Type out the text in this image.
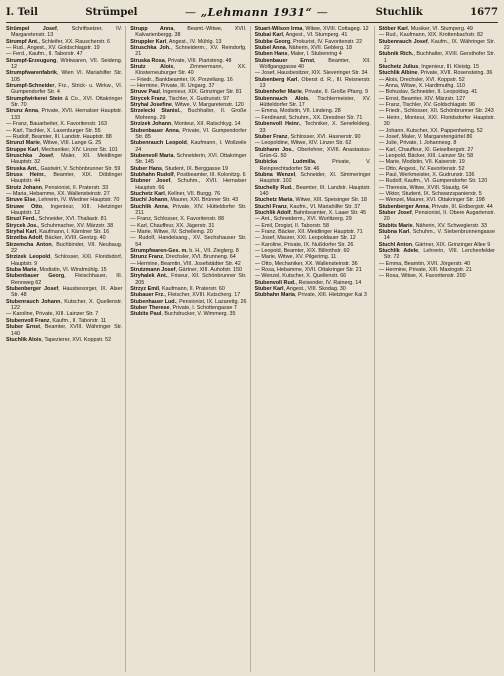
I. Teil	Strümpel	— „Lehmann 1931“ —	Stuchlik	1677

Strümpel Josef, Schriftsetzer, IV. Margaretenstr. 13

Strumpf Ant., Schleifer, XX. Rauscherstr. 6

— Rud., Angest., XV. Goldschlagstr. 19

— Ferd., Kaufm., II. Taborstr. 47

Strumpf-Erzeugung, Wirkwaren, VII. Seideng. 12

Strumpfwarenfabrik, Wien VI. Mariahilfer Str. 105

Strumpf-Schneider, Frz., Strick- u. Wirkw., VI. Gumpendorfer Str. 4

Strumpfwirkerei Stein & Co., XVI. Ottakringer Str. 70

Strunz Anna, Private, XVII. Hernalser Hauptstr. 133

— Franz, Bauarbeiter, X. Favoritenstr. 163

— Karl, Tischler, X. Laxenburger Str. 55

— Rudolf, Beamter, III. Landstr. Hauptstr. 88

Strunzl Marie, Witwe, VIII. Lange G. 25

Struppe Karl, Mechaniker, XIV. Linzer Str. 101

Struschka Josef, Maler, XII. Meidlinger Hauptstr. 32

Struska Ant., Gastwirt, V. Schönbrunner Str. 59

Struss Heinr., Beamter, XIX. Döblinger Hauptstr. 44

Strutz Johann, Pensionist, II. Praterstr. 33

— Maria, Hebamme, XX. Wallensteinstr. 27

Struve Else, Lehrerin, IV. Wiedner Hauptstr. 70

Struwe Otto, Ingenieur, XIII. Hietzinger Hauptstr. 12

Struzl Ferd., Schneider, XVI. Thaliastr. 81

Strycek Jos., Schuhmacher, XV. Märzstr. 38

Stryhal Karl, Kaufmann, I. Kärntner Str. 16

Strzelba Adolf, Bäcker, XVIII. Gentzg. 40

Strzemcha Anton, Buchbinder, VII. Neubaug. 22

Strzizek Leopold, Schlosser, XXI. Floridsdorf, Hauptstr. 9

Stuba Marie, Modistin, VI. Windmühlg. 15

Stubenbauer Georg, Fleischhauer, III. Rennweg 62

Stubenberger Josef, Hausbesorger, IX. Alser Str. 48

Stubenrauch Johann, Kutscher, X. Quellenstr. 122

— Karoline, Private, XIII. Lainzer Str. 7

Stubenvoll Franz, Kaufm., II. Taborstr. 11

Stuber Ernst, Beamter, XVIII. Währinger Str. 140

Stuchlik Alois, Tapezierer, XVI. Koppstr. 52

Strupp Anna, Beamt.-Witwe, XVII. Kalvarienbergg. 38

Struppler Karl, Angest., IV. Mühlg. 13

Struschka Joh., Schneiderm., XV. Reindorfg. 21

Struska Rosa, Private, VIII. Piaristeng. 48

Strutz Alois, Zimmermann, XX. Klosterneuburger Str. 40

— Friedr., Bankbeamter, IX. Porzellang. 16

— Hermine, Private, III. Ungarg. 37

Struve Paul, Ingenieur, XIX. Grinzinger Str. 81

Strycek Franz, Tischler, X. Gudrunstr. 97

Stryhal Josefine, Witwe, V. Margaretenstr. 120

Strzelecki Stanisl., Buchhalter, II. Große Mohreng. 29

Strzizek Johann, Monteur, XII. Ratschkyg. 14

Stubenbauer Anna, Private, VI. Gumpendorfer Str. 85

Stubenrauch Leopold, Kaufmann, I. Wollzeile 24

Stubenvoll Maria, Schneiderin, XVI. Ottakringer Str. 145

Stuber Hans, Student, IX. Berggasse 19

Stubhahn Rudolf, Postbeamter, III. Kolonitzg. 6

Stubner Josef, Schuhm., XVII. Hernalser Hauptstr. 66

Stuchetz Karl, Kellner, VII. Burgg. 76

Stuchl Johann, Maurer, XXI. Brünner Str. 43

Stuchlik Anna, Private, XIV. Hütteldorfer Str. 211

— Franz, Schlosser, X. Favoritenstr. 88

— Karl, Chauffeur, XX. Jägerstr. 31

— Marie, Witwe, IV. Schelleing. 20

— Rudolf, Handelsang., XV. Sechshauser Str. 54

Strumpfwaren-Ges. m. b. H., VII. Zieglerg. 8

Strunz Franz, Drechsler, XVI. Brunneng. 64

— Hermine, Beamtin, VIII. Josefstädter Str. 42

Strutzmann Josef, Gärtner, XIII. Auhofstr. 150

Stryhalek Ant., Friseur, XII. Schönbrunner Str. 205

Strzyz Emil, Kaufmann, II. Praterstr. 60

Stubauer Frz., Fleischer, XVIII. Kutscherg. 17

Stubenhauer Lud., Pensionist, IX. Lazarettg. 26

Stuber Therese, Private, I. Schottengasse 7

Stubits Paul, Buchdrucker, V. Wimmerg. 35

Stuart-Wilson Irma, Witwe, XVIII. Cottageg. 12

Stubai Karl, Angest., VI. Stumperg. 41

Stubbe Georg, Prokurist, IV. Favoritenstr. 22

Stubel Anna, Näherin, XVII. Geblerg. 18

Stuben Hans, Maler, I. Stubenring 4

Stubenbauer Ernst, Beamter, XII. Wolfganggasse 40

— Josef, Hausbesitzer, XIX. Sieveringer Str. 34

Stubenberg Karl, Oberst d. R., III. Reisnerstr. 13

Stubenhofer Marie, Private, II. Große Pfarrg. 9

Stubenrauch Alois, Tischlermeister, XV. Hütteldorfer Str. 17

— Emma, Modistin, VII. Lindeng. 28

— Ferdinand, Schuhm., XX. Dresdner Str. 71

Stubenvoll Heinr., Techniker, X. Senefelderg. 33

Stuber Franz, Schlosser, XVI. Hasnerstr. 90

— Leopoldine, Witwe, XIV. Linzer Str. 62

Stubhann Jos., Oberlehrer, XVIII. Anastasius-Grün-G. 50

Stubicka Ludmilla, Private, V. Reinprechtsdorfer Str. 46

Stubna Wenzel, Schneider, XI. Simmeringer Hauptstr. 102

Stuchelly Rud., Beamter, III. Landstr. Hauptstr. 140

Stuchetz Maria, Witwe, XIII. Speisinger Str. 18

Stuchl Franz, Kaufm., VI. Mariahilfer Str. 37

Stuchlik Adolf, Bahnbeamter, X. Laaer Str. 45

— Ant., Schneiderm., XVI. Wurlitzerg. 29

— Emil, Drogist, II. Taborstr. 58

— Franz, Bäcker, XII. Meidlinger Hauptstr. 71

— Josef, Maurer, XXI. Leopoldauer Str. 12

— Karoline, Private, IX. Nußdorfer Str. 26

— Leopold, Beamter, XIX. Billrothstr. 60

— Marie, Witwe, XV. Pilgerimg. 11

— Otto, Mechaniker, XX. Wallensteinstr. 36

— Rosa, Hebamme, XVII. Ottakringer Str. 21

— Wenzel, Kutscher, X. Quellenstr. 66

Stubenvoll Rud., Reisender, IV. Rainerg. 14

Stuber Karl, Angest., VIII. Skodag. 30

Stubhahn Maria, Private, XIII. Hietzinger Kai 3

Stöber Karl, Musiker, VI. Stumperg. 49

— Rud., Kaufmann, XIX. Krottenbachstr. 82

Stubenrauch Josef, Kaufm., IX. Währinger Str. 22

Stubnik Rich., Buchhalter, XVIII. Gersthofer Str. 1

Stuchetz Julius, Ingenieur, III. Kleistg. 15

Stuchlik Albine, Private, XVII. Rosensteing. 36

— Alois, Drechsler, XVI. Koppstr. 52

— Anna, Witwe, X. Hardtmuthg. 110

— Bohuslav, Schneider, II. Leopoldsg. 41

— Ernst, Beamter, XIV. Märzstr. 127

— Franz, Tischler, XV. Goldschlagstr. 96

— Friedr., Schlosser, XII. Schönbrunner Str. 243

— Heinr., Monteur, XXI. Floridsdorfer Hauptstr. 30

— Johann, Kutscher, XX. Pappenheimg. 52

— Josef, Maler, V. Margaretengürtel 86

— Julie, Private, I. Johannesg. 8

— Karl, Chauffeur, XI. Geiselbergstr. 27

— Leopold, Bäcker, XIII. Lainzer Str. 58

— Marie, Modistin, VII. Kaiserstr. 19

— Otto, Angest., IV. Favoritenstr. 52

— Paul, Werkmeister, X. Gudrunstr. 136

— Rudolf, Kaufm., VI. Gumpendorfer Str. 120

— Theresia, Witwe, XVIII. Staudg. 64

— Viktor, Student, IX. Schwarzspanierstr. 5

— Wenzel, Maurer, XVI. Ottakringer Str. 198

Stubenberger Anna, Private, III. Erdbergstr. 44

Stuber Josef, Pensionist, II. Obere Augartenstr. 20

Stubits Marie, Näherin, XV. Schweglerstr. 33

Stubna Karl, Schuhm., V. Siebenbrunnengasse 14

Stuchl Anton, Gärtner, XIX. Grinzinger Allee 9

Stuchlik Adele, Lehrerin, VIII. Lerchenfelder Str. 72

— Emma, Beamtin, XVII. Jörgerstr. 40

— Hermine, Private, XIII. Maxingstr. 21

— Rosa, Witwe, X. Favoritenstr. 200
